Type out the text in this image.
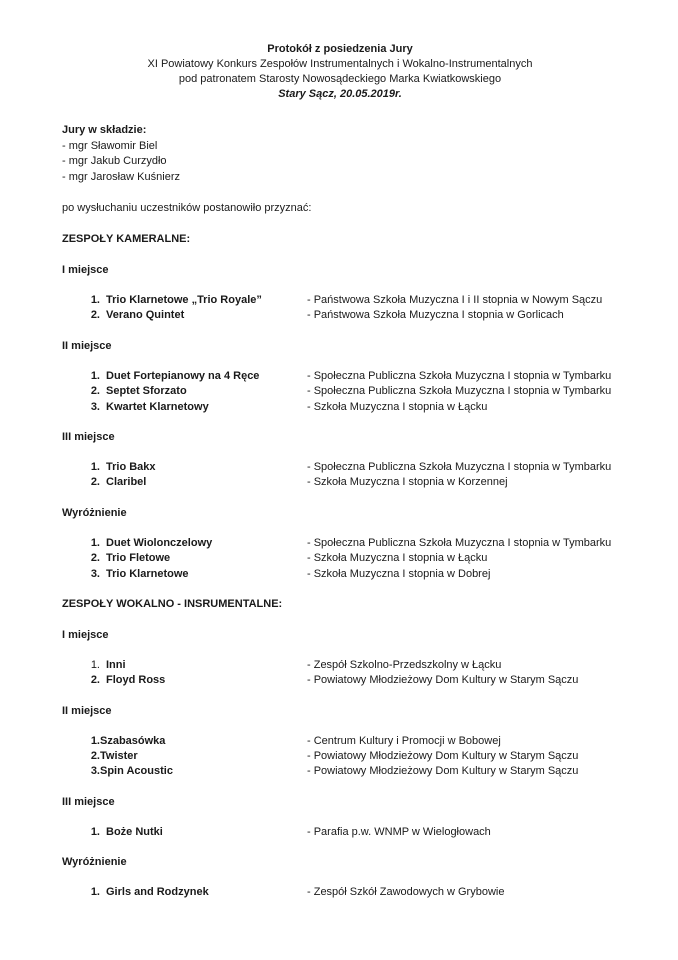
Protokół z posiedzenia Jury
XI Powiatowy Konkurs Zespołów Instrumentalnych i Wokalno-Instrumentalnych
pod patronatem Starosty Nowosądeckiego Marka Kwiatkowskiego
Stary Sącz, 20.05.2019r.
Jury w składzie:
- mgr Sławomir Biel
- mgr Jakub Curzydło
- mgr Jarosław Kuśnierz
po wysłuchaniu uczestników postanowiło przyznać:
ZESPOŁY KAMERALNE:
I miejsce
1. Trio Klarnetowe „Trio Royale”	- Państwowa Szkoła Muzyczna I i II stopnia w Nowym Sączu
2. Verano Quintet	- Państwowa Szkoła Muzyczna I stopnia w Gorlicach
II miejsce
1. Duet Fortepianowy na 4 Ręce	- Społeczna Publiczna Szkoła Muzyczna I stopnia w Tymbarku
2. Septet Sforzato	- Społeczna Publiczna Szkoła Muzyczna I stopnia w Tymbarku
3. Kwartet Klarnetowy	- Szkoła Muzyczna I stopnia w Łącku
III miejsce
1. Trio Bakx	- Społeczna Publiczna Szkoła Muzyczna I stopnia w Tymbarku
2. Claribel	- Szkoła Muzyczna I stopnia w Korzennej
Wyróżnienie
1. Duet Wiolonczelowy	- Społeczna Publiczna Szkoła Muzyczna I stopnia w Tymbarku
2. Trio Fletowe	- Szkoła Muzyczna I stopnia w Łącku
3. Trio Klarnetowe	- Szkoła Muzyczna I stopnia w Dobrej
ZESPOŁY WOKALNO - INSRUMENTALNE:
I miejsce
1. Inni	- Zespół Szkolno-Przedszkolny w Łącku
2. Floyd Ross	- Powiatowy Młodzieżowy Dom Kultury w Starym Sączu
II miejsce
1. Szabasówka	- Centrum Kultury i Promocji w Bobowej
2. Twister	- Powiatowy Młodzieżowy Dom Kultury w Starym Sączu
3. Spin Acoustic	- Powiatowy Młodzieżowy Dom Kultury w Starym Sączu
III miejsce
1. Boże Nutki	- Parafia p.w. WNMP w Wielogłowach
Wyróżnienie
1. Girls and Rodzynek	- Zespół Szkół Zawodowych w Grybowie
